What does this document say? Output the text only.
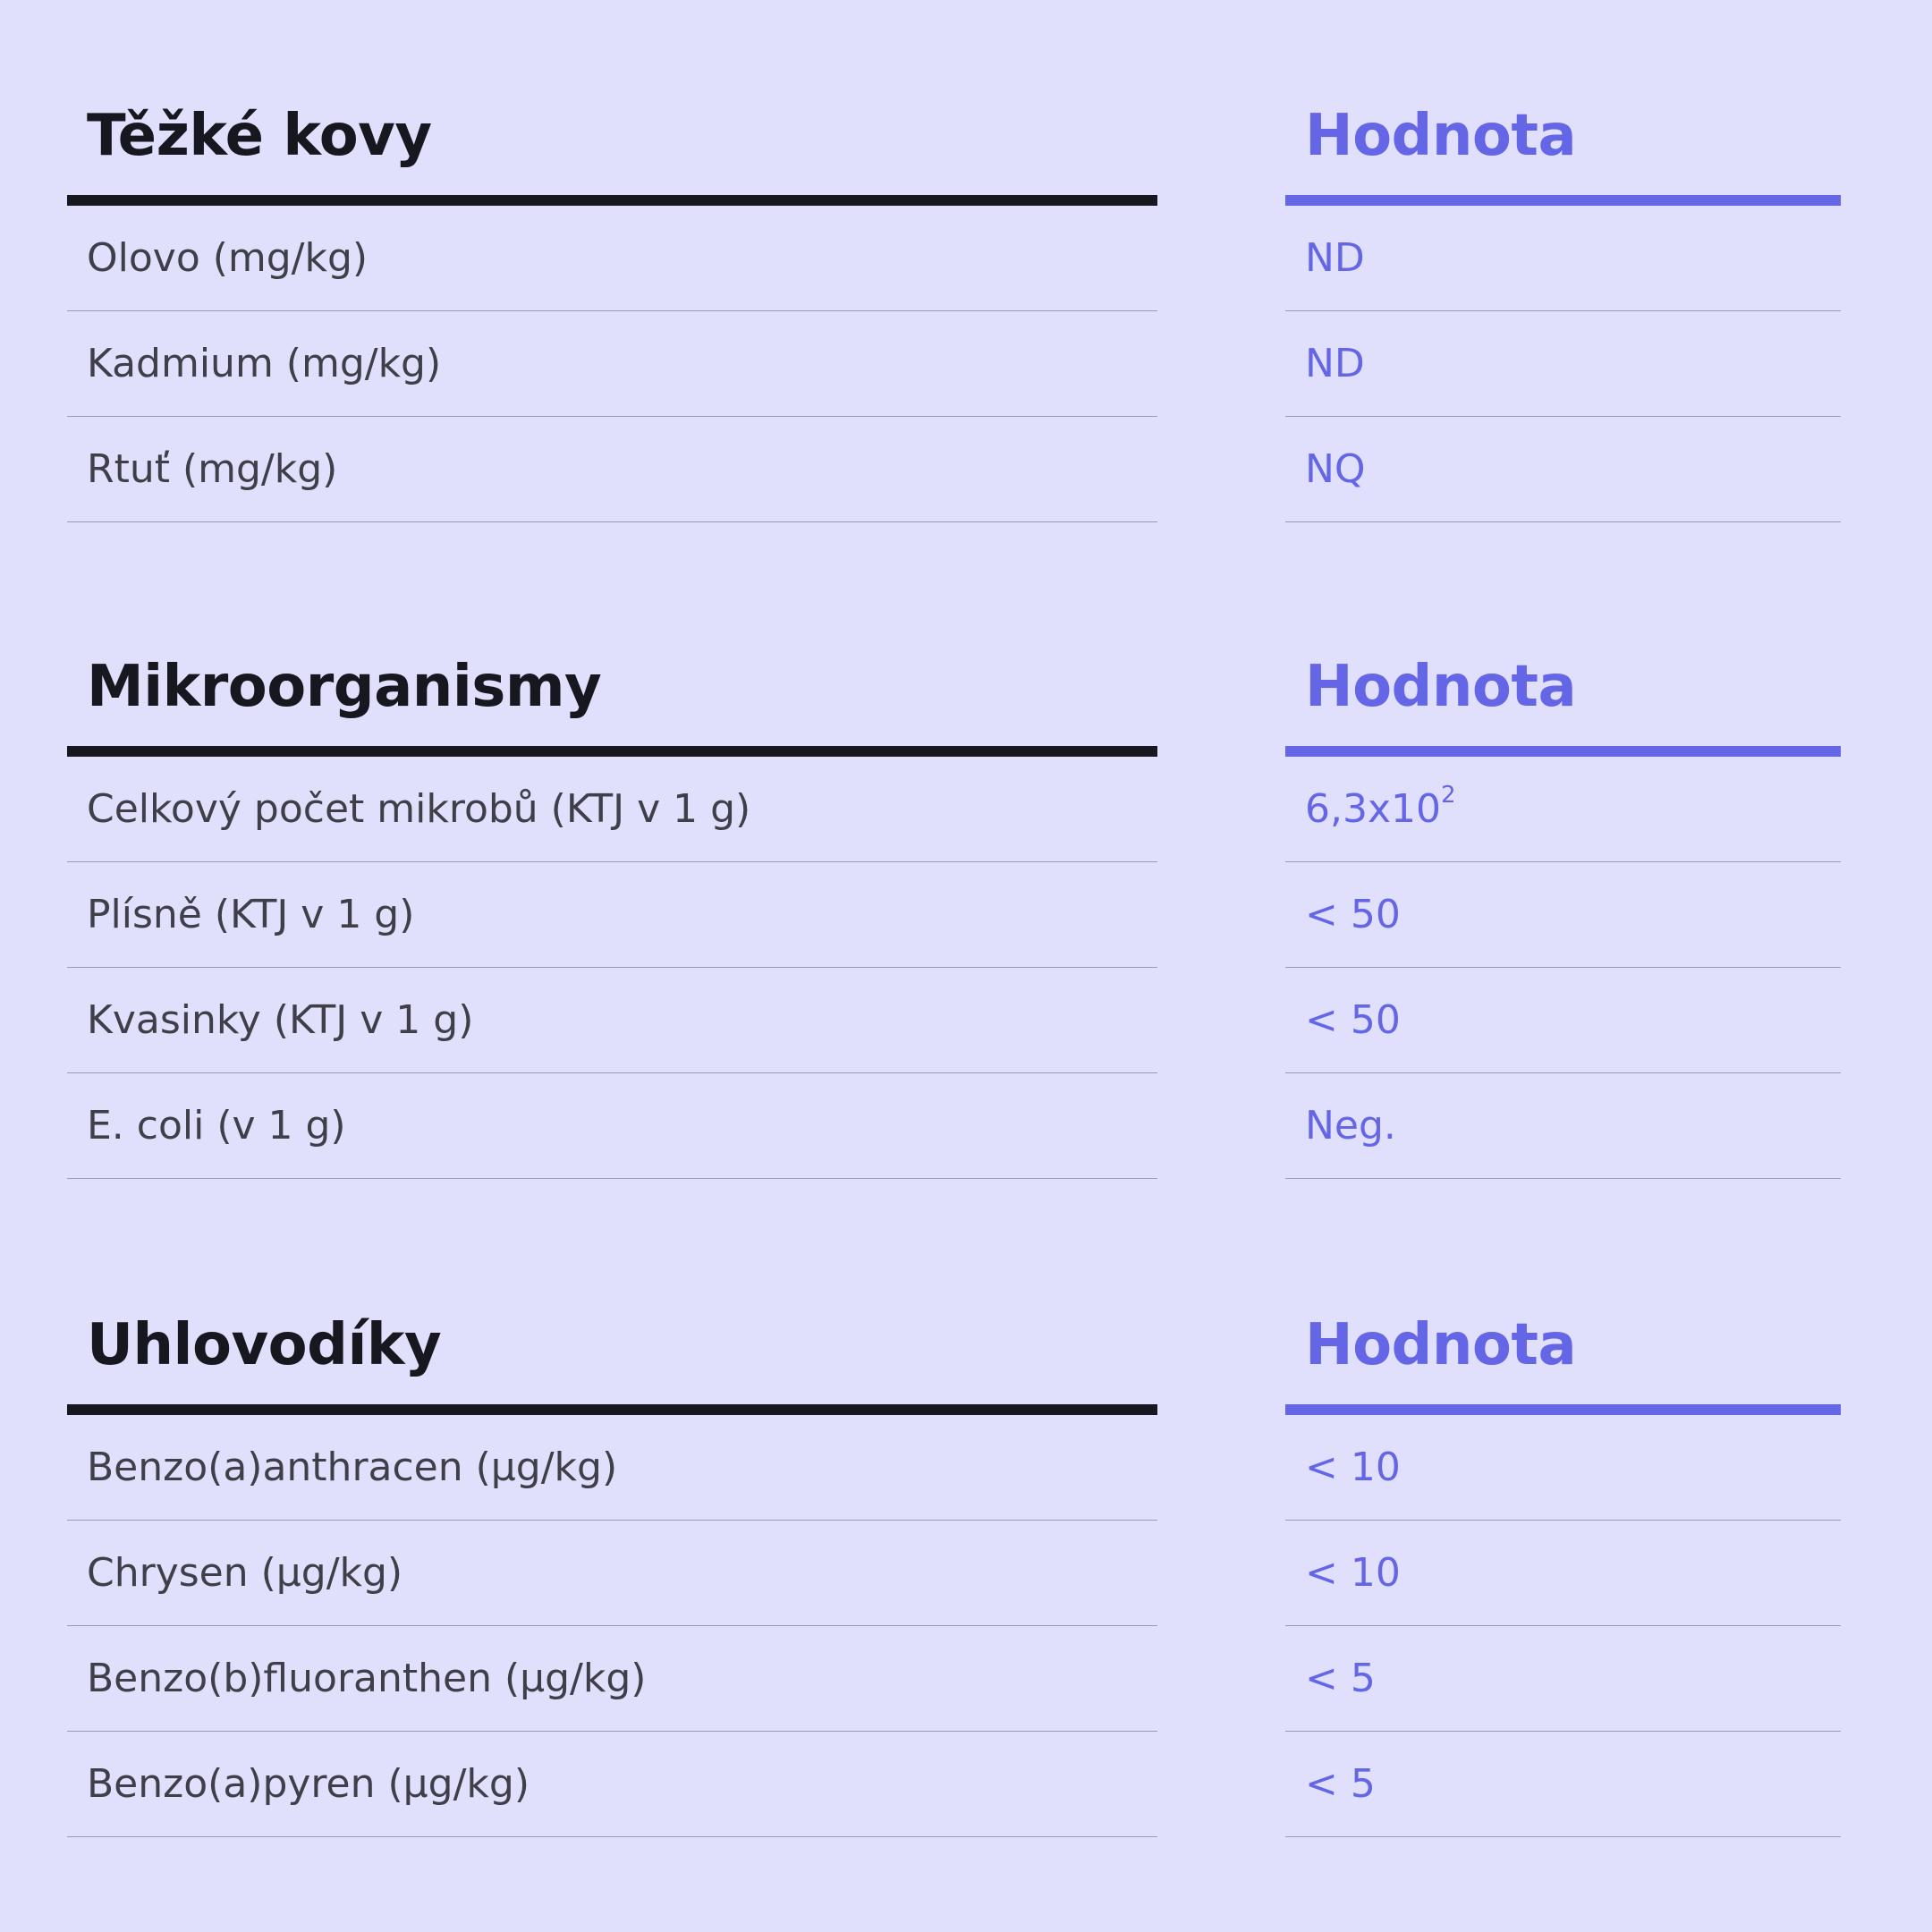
Těžké kovy
Olovo (mg/kg)
Kadmium (mg/kg)
Rtuť (mg/kg)
Hodnota
ND
ND
NQ
Mikroorganismy
Celkový počet mikrobů (KTJ v 1 g)
Plísně (KTJ v 1 g)
Kvasinky (KTJ v 1 g)
E. coli (v 1 g)
Hodnota
$6,3x10^2$
< 50
< 50
Neg.
Uhlovodíky
Benzo(a)anthracen (µg/kg)
Chrysen (µg/kg)
Benzo(b)fluoranthen (µg/kg)
Benzo(a)pyren (µg/kg)
Hodnota
< 10
< 10
< 5
< 5
